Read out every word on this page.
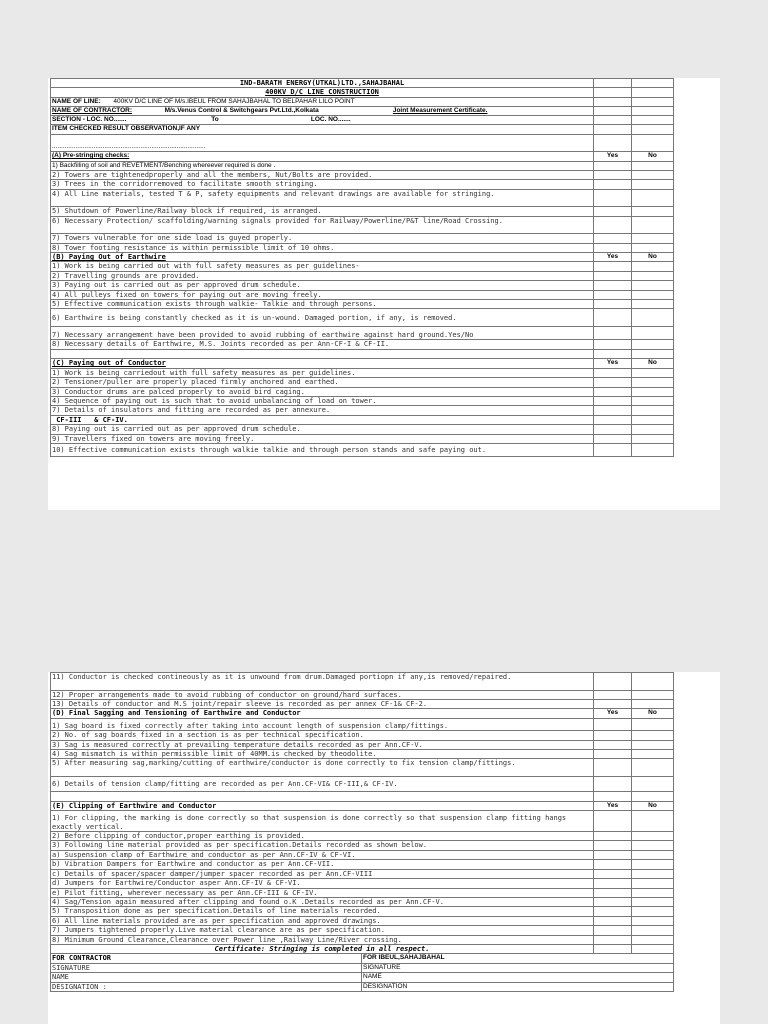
IND-BARATH ENERGY(UTKAL)LTD.,SAHAJBAHAL		
400KV D/C LINE CONSTRUCTION		
NAME OF LINE: 400KV D/C LINE OF M/s.IBEUL FROM SAHAJBAHAL TO BELPAHAR LILO POINT		
NAME OF CONTRACTOR: M/s.Venus Control & Switchgears Pvt.Ltd.,Kolkata Joint Measurement Certificate.		
SECTION - LOC. NO....... To LOC. NO.......		
ITEM CHECKED RESULT OBSERVATION,IF ANY		
.....................................................................................		
(A) Pre-stringing checks:	Yes	No
1) Backfilling of soil and REVETMENT/Benching whereever required is done .		
2) Towers are tightenedproperly and all the members, Nut/Bolts are provided.		
3) Trees in the corridorremoved to facilitate smooth stringing.		
4) All Line materials, tested T & P, safety equipments and relevant drawings are available for stringing.		
5) Shutdown of Powerline/Railway block if required, is arranged.		
6) Necessary Protection/ scaffolding/warning signals provided for Railway/Powerline/P&T line/Road Crossing.		
7) Towers vulnerable for one side load is guyed properly.		
8) Tower footing resistance is within permissible limit of 10 ohms.		
(B) Paying Out of Earthwire	Yes	No
1) Work is being carried out with full safety measures as per guidelines-		
2) Travelling grounds are provided.		
3) Paying out is carried out as per approved drum schedule.		
4) All pulleys fixed on towers for paying out are moving freely.		
5) Effective communication exists through walkie- Talkie and through persons.		
6) Earthwire is being constantly checked as it is un-wound. Damaged portion, if any, is removed.		
7) Necessary arrangement have been provided to avoid rubbing of earthwire against hard ground.Yes/No		
8) Necessary details of Earthwire, M.S. Joints recorded as per Ann-CF-I & CF-II.		

(C) Paying out of Conductor	Yes	No
1) Work is being carriedout with full safety measures as per guidelines.		
2) Tensioner/puller are properly placed firmly anchored and earthed.		
3) Conductor drums are palced properly to avoid bird caging.		
4) Sequence of paying out is such that to avoid unbalancing of load on tower.		
7) Details of insulators and fitting are recorded as per annexure.		
CF-III   & CF-IV.		
8) Paying out is carried out as per approved drum schedule.		
9) Travellers fixed on towers are moving freely.		
10) Effective communication exists through walkie talkie and through person stands and safe paying out.		
11) Conductor is checked contineously as it is unwound from drum.Damaged portiopn if any,is removed/repaired.			
12) Proper arrangements made to avoid rubbing of conductor on ground/hard surfaces.			
13) Details of conductor and M.S joint/repair sleeve is recorded as per annex CF-1& CF-2.			
(D) Final Sagging and Tensioning of Earthwire and Conductor		Yes	No
1) Sag board is fixed correctly after taking into account length of suspension clamp/fittings.			
2) No. of sag boards fixed in a section is as per technical specification.			
3) Sag is measured correctly at prevailing temperature details recorded as per Ann.CF-V.			
4) Sag mismatch is within permissible limit of 40MM.is checked by theodolite.			
5) After measuring sag,marking/cutting of earthwire/conductor is done correctly to fix tension clamp/fittings.			
6) Details of tension clamp/fitting are recorded as per Ann.CF-VI& CF-III,& CF-IV.			

(E) Clipping of Earthwire and Conductor		Yes	No
1) For clipping, the marking is done correctly so that suspension is done correctly so that suspension clamp fitting hangs exactly vertical.			
2) Before clipping of conductor,proper earthing is provided.			
3) Following line material provided as per specification.Details recorded as shown below.			
a) Suspension clamp of Earthwire and conductor as per Ann.CF-IV & CF-VI.			
b) Vibration Dampers for Earthwire and conductor as per Ann.CF-VII.			
c) Details of spacer/spacer damper/jumper spacer recorded as per Ann.CF-VIII			
d) Jumpers for Earthwire/Conductor asper Ann.CF-IV & CF-VI.			
e) Pilot fitting, wherever necessary as per Ann.CF-III & CF-IV.			
4) Sag/Tension again measured after clipping and found o.K .Details recorded as per Ann.CF-V.			
5) Transposition done as per specification.Details of line materials recorded.			
6) All line materials provided are as per specification and approved drawings.			
7) Jumpers tightened properly.Live material clearance are as per specification.			
8) Minimum Ground Clearance,Clearance over Power line ,Railway Line/River crossing.			
Certificate: Stringing is completed in all respect.			
FOR CONTRACTOR	FOR IBEUL,SAHAJBAHAL		
SIGNATURE	SIGNATURE		
NAME	NAME		
DESIGNATION :	DESIGNATION		
